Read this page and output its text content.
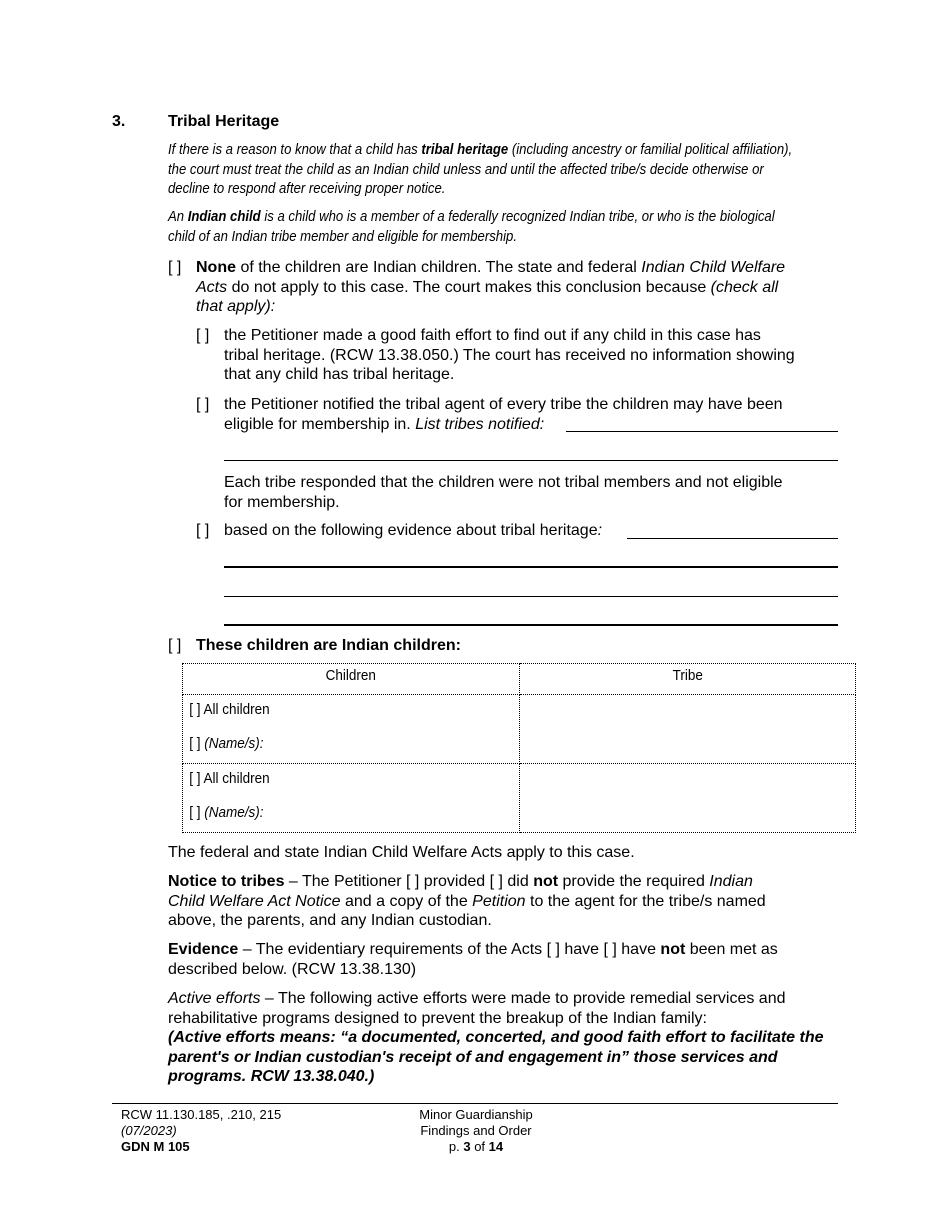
3.	Tribal Heritage
If there is a reason to know that a child has tribal heritage (including ancestry or familial political affiliation),
the court must treat the child as an Indian child unless and until the affected tribe/s decide otherwise or
decline to respond after receiving proper notice.
An Indian child is a child who is a member of a federally recognized Indian tribe, or who is the biological
child of an Indian tribe member and eligible for membership.
[ ] None of the children are Indian children. The state and federal Indian Child Welfare
Acts do not apply to this case. The court makes this conclusion because (check all
that apply):
[ ] the Petitioner made a good faith effort to find out if any child in this case has
tribal heritage. (RCW 13.38.050.) The court has received no information showing
that any child has tribal heritage.
[ ] the Petitioner notified the tribal agent of every tribe the children may have been
eligible for membership in. List tribes notified:
Each tribe responded that the children were not tribal members and not eligible
for membership.
[ ] based on the following evidence about tribal heritage:
[ ] These children are Indian children:
Children	Tribe

[ ] All children
[ ] (Name/s):	

[ ] All children
[ ] (Name/s):	

The federal and state Indian Child Welfare Acts apply to this case.
Notice to tribes – The Petitioner [ ] provided [ ] did not provide the required Indian
Child Welfare Act Notice and a copy of the Petition to the agent for the tribe/s named
above, the parents, and any Indian custodian.
Evidence – The evidentiary requirements of the Acts [ ] have [ ] have not been met as
described below. (RCW 13.38.130)
Active efforts – The following active efforts were made to provide remedial services and
rehabilitative programs designed to prevent the breakup of the Indian family:
(Active efforts means: “a documented, concerted, and good faith effort to facilitate the
parent's or Indian custodian's receipt of and engagement in” those services and
programs. RCW 13.38.040.)
RCW 11.130.185, .210, 215
(07/2023)
GDN M 105
Minor Guardianship
Findings and Order
p. 3 of 14
